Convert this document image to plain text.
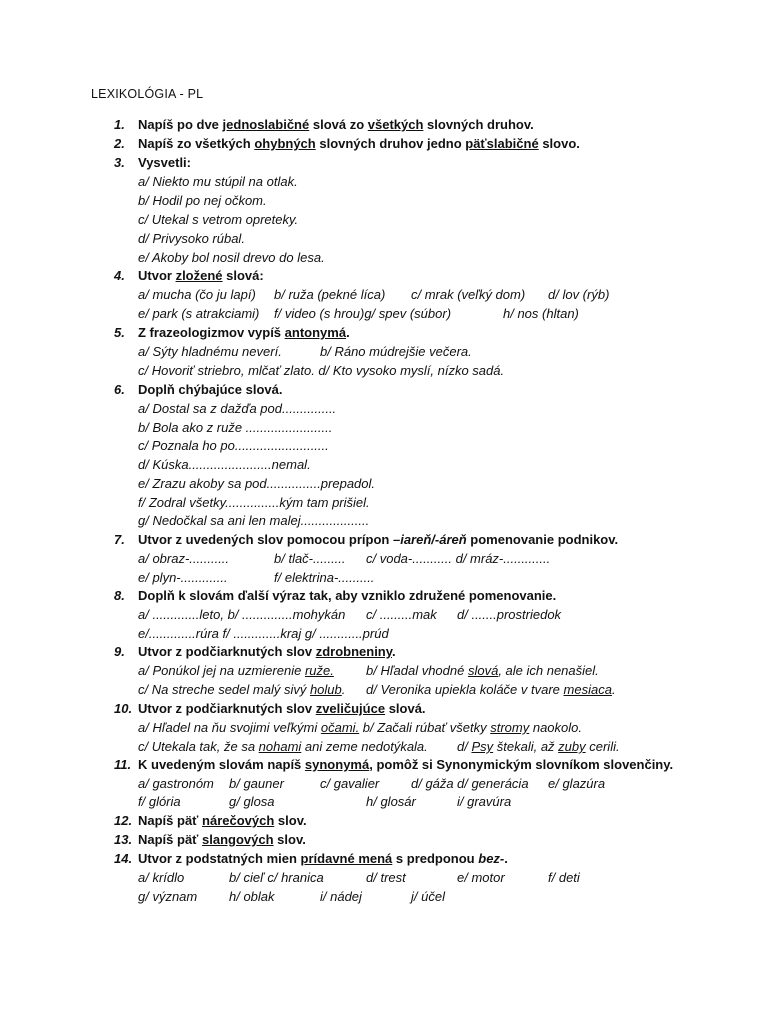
LEXIKOLÓGIA - PL
1. Napíš po dve jednoslabičné slová zo všetkých slovných druhov.
2. Napíš zo všetkých ohybných slovných druhov jedno päťslabičné slovo.
3. Vysvetli:
a/ Niekto mu stúpil na otlak.
b/ Hodil po nej očkom.
c/ Utekal s vetrom opreteky.
d/ Privysoko rúbal.
e/ Akoby bol nosil drevo do lesa.
4. Utvor zložené slová:
a/ mucha (čo ju lapí) b/ ruža (pekné líca) c/ mrak (veľký dom) d/ lov (rýb)
e/ park (s atrakciami) f/ video (s hrou)g/ spev (súbor)	h/ nos (hltan)
5. Z frazeologizmov vypíš antonymá.
a/ Sýty hladnému neverí.	b/ Ráno múdrejšie večera.
c/ Hovoriť striebro, mlčať zlato. d/ Kto vysoko myslí, nízko sadá.
6. Doplň chýbajúce slová.
a/ Dostal sa z dažďa pod...............
b/ Bola ako z ruže ........................
c/ Poznala ho po..........................
d/ Kúska.......................nemal.
e/ Zrazu akoby sa pod...............prepadol.
f/ Zodral všetky...............kým tam prišiel.
g/ Nedočkal sa ani len malej...................
7. Utvor z uvedených slov pomocou prípon –iareň/-áreň pomenovanie podnikov.
a/ obraz-...........	b/ tlač-......... c/ voda-........... d/ mráz-.............
e/ plyn-.............	f/ elektrina-..........
8. Doplň k slovám ďalší výraz tak, aby vzniklo združené pomenovanie.
a/ .............leto, b/ ..............mohykán c/ .........mak d/ .......prostriedok
e/.............rúra f/ .............kraj g/ ............prúd
9. Utvor z podčiarknutých slov zdrobneniny.
a/ Ponúkol jej na uzmierenie ruže. b/ Hľadal vhodné slová, ale ich nenašiel.
c/ Na streche sedel malý sivý holub. d/ Veronika upiekla koláče v tvare mesiaca.
10. Utvor z podčiarknutých slov zveličujúce slová.
a/ Hľadel na ňu svojimi veľkými očami. b/ Začali rúbať všetky stromy naokolo.
c/ Utekala tak, že sa nohami ani zeme nedotýkala. d/ Psy štekali, až zuby cerili.
11. K uvedeným slovám napíš synonymá, pomôž si Synonymickým slovníkom slovenčiny.
a/ gastronóm b/ gauner	c/ gavalier d/ gáža d/ generácia e/ glazúra
f/ glória	g/ glosa	h/ glosár	i/ gravúra
12. Napíš päť nárečových slov.
13. Napíš päť slangových slov.
14. Utvor z podstatných mien prídavné mená s predponou bez-.
a/ krídlo	b/ cieľ c/ hranica	d/ trest	e/ motor	f/ deti
g/ význam h/ oblak	i/ nádej	j/ účel
